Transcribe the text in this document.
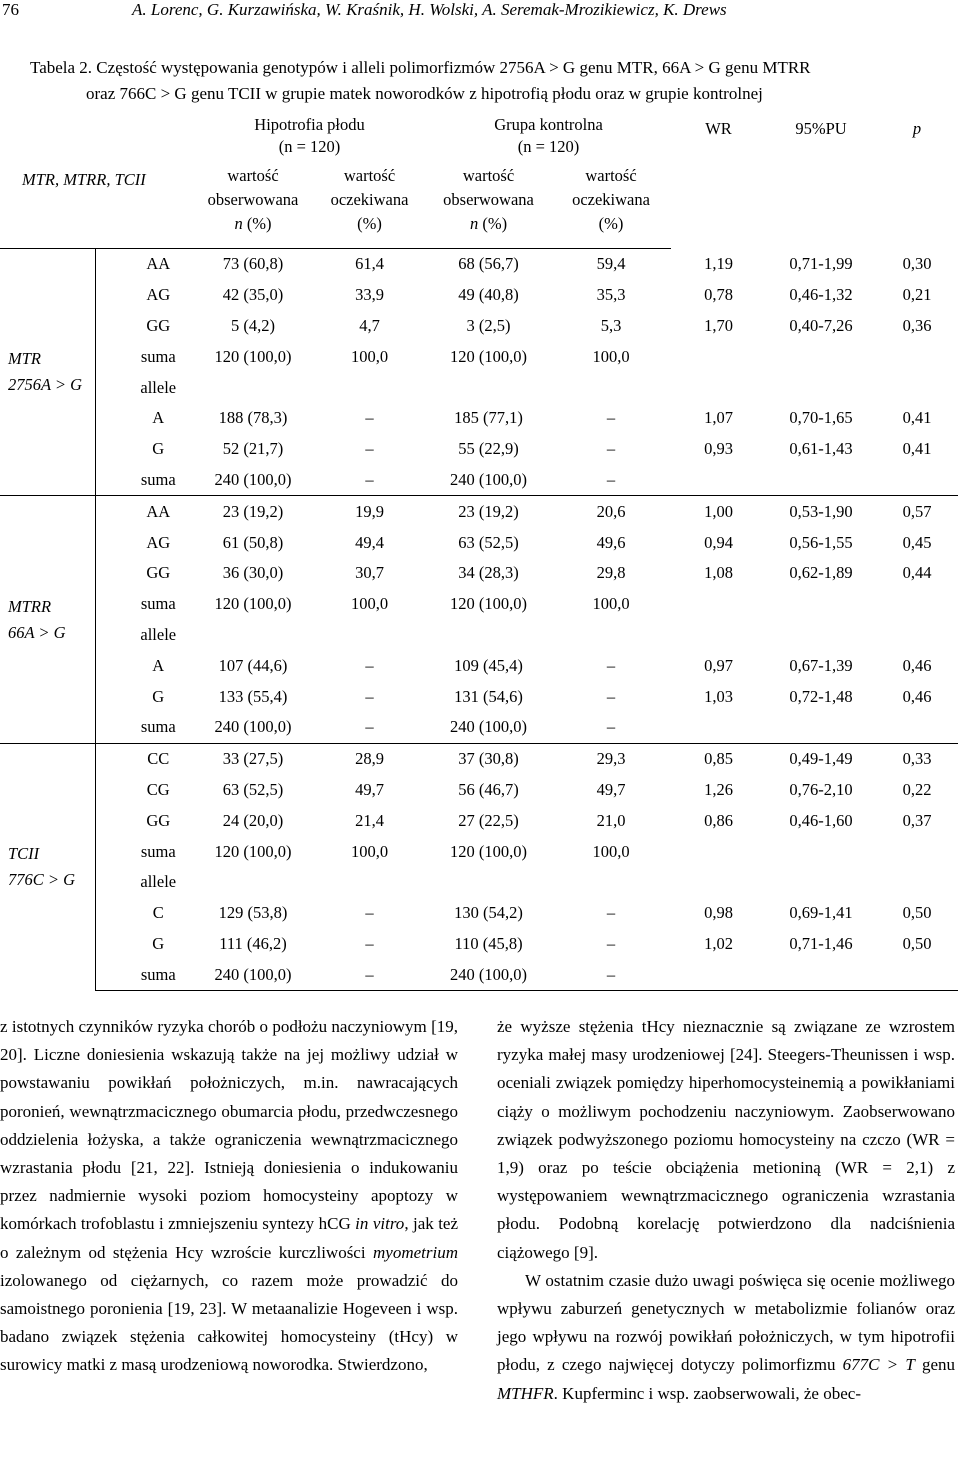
76	A. Lorenc, G. Kurzawińska, W. Kraśnik, H. Wolski, A. Seremak-Mrozikiewicz, K. Drews
Tabela 2. Częstość występowania genotypów i alleli polimorfizmów 2756A > G genu MTR, 66A > G genu MTRR
oraz 766C > G genu TCII w grupie matek noworodków z hipotrofią płodu oraz w grupie kontrolnej
		Hipotrofia płodu
(n = 120)		Grupa kontrolna
(n = 120)		WR	95%PU	p
MTR, MTRR, TCII		wartość
obserwowana
n (%)	wartość
oczekiwana
(%)	wartość
obserwowana
n (%)	wartość
oczekiwana
(%)			
MTR
2756A > G	AA	73 (60,8)	61,4	68 (56,7)	59,4	1,19	0,71-1,99	0,30
	AG	42 (35,0)	33,9	49 (40,8)	35,3	0,78	0,46-1,32	0,21
	GG	5 (4,2)	4,7	3 (2,5)	5,3	1,70	0,40-7,26	0,36
	suma	120 (100,0)	100,0	120 (100,0)	100,0			
	allele							
	A	188 (78,3)	–	185 (77,1)	–	1,07	0,70-1,65	0,41
	G	52 (21,7)	–	55 (22,9)	–	0,93	0,61-1,43	0,41
	suma	240 (100,0)	–	240 (100,0)	–			
MTRR
66A > G	AA	23 (19,2)	19,9	23 (19,2)	20,6	1,00	0,53-1,90	0,57
	AG	61 (50,8)	49,4	63 (52,5)	49,6	0,94	0,56-1,55	0,45
	GG	36 (30,0)	30,7	34 (28,3)	29,8	1,08	0,62-1,89	0,44
	suma	120 (100,0)	100,0	120 (100,0)	100,0			
	allele							
	A	107 (44,6)	–	109 (45,4)	–	0,97	0,67-1,39	0,46
	G	133 (55,4)	–	131 (54,6)	–	1,03	0,72-1,48	0,46
	suma	240 (100,0)	–	240 (100,0)	–			
TCII
776C > G	CC	33 (27,5)	28,9	37 (30,8)	29,3	0,85	0,49-1,49	0,33
	CG	63 (52,5)	49,7	56 (46,7)	49,7	1,26	0,76-2,10	0,22
	GG	24 (20,0)	21,4	27 (22,5)	21,0	0,86	0,46-1,60	0,37
	suma	120 (100,0)	100,0	120 (100,0)	100,0			
	allele							
	C	129 (53,8)	–	130 (54,2)	–	0,98	0,69-1,41	0,50
	G	111 (46,2)	–	110 (45,8)	–	1,02	0,71-1,46	0,50
	suma	240 (100,0)	–	240 (100,0)	–			
z istotnych czynników ryzyka chorób o podłożu naczyniowym [19, 20]. Liczne doniesienia wskazują także na jej możliwy udział w powstawaniu powikłań położniczych, m.in. nawracających poronień, wewnątrzmacicznego obumarcia płodu, przedwczesnego oddzielenia łożyska, a także ograniczenia wewnątrzmacicznego wzrastania płodu [21, 22]. Istnieją doniesienia o indukowaniu przez nadmiernie wysoki poziom homocysteiny apoptozy w komórkach trofoblastu i zmniejszeniu syntezy hCG in vitro, jak też o zależnym od stężenia Hcy wzroście kurczliwości myometrium izolowanego od ciężarnych, co razem może prowadzić do samoistnego poronienia [19, 23]. W metaanalizie Hogeveen i wsp. badano związek stężenia całkowitej homocysteiny (tHcy) w surowicy matki z masą urodzeniową noworodka. Stwierdzono,
że wyższe stężenia tHcy nieznacznie są związane ze wzrostem ryzyka małej masy urodzeniowej [24]. Steegers-Theunissen i wsp. oceniali związek pomiędzy hiperhomocysteinemią a powikłaniami ciąży o możliwym pochodzeniu naczyniowym. Zaobserwowano związek podwyższonego poziomu homocysteiny na czczo (WR = 1,9) oraz po teście obciążenia metioniną (WR = 2,1) z występowaniem wewnątrzmacicznego ograniczenia wzrastania płodu. Podobną korelację potwierdzono dla nadciśnienia ciążowego [9].
W ostatnim czasie dużo uwagi poświęca się ocenie możliwego wpływu zaburzeń genetycznych w metabolizmie folianów oraz jego wpływu na rozwój powikłań położniczych, w tym hipotrofii płodu, z czego najwięcej dotyczy polimorfizmu 677C > T genu MTHFR. Kupferminc i wsp. zaobserwowali, że obec-
